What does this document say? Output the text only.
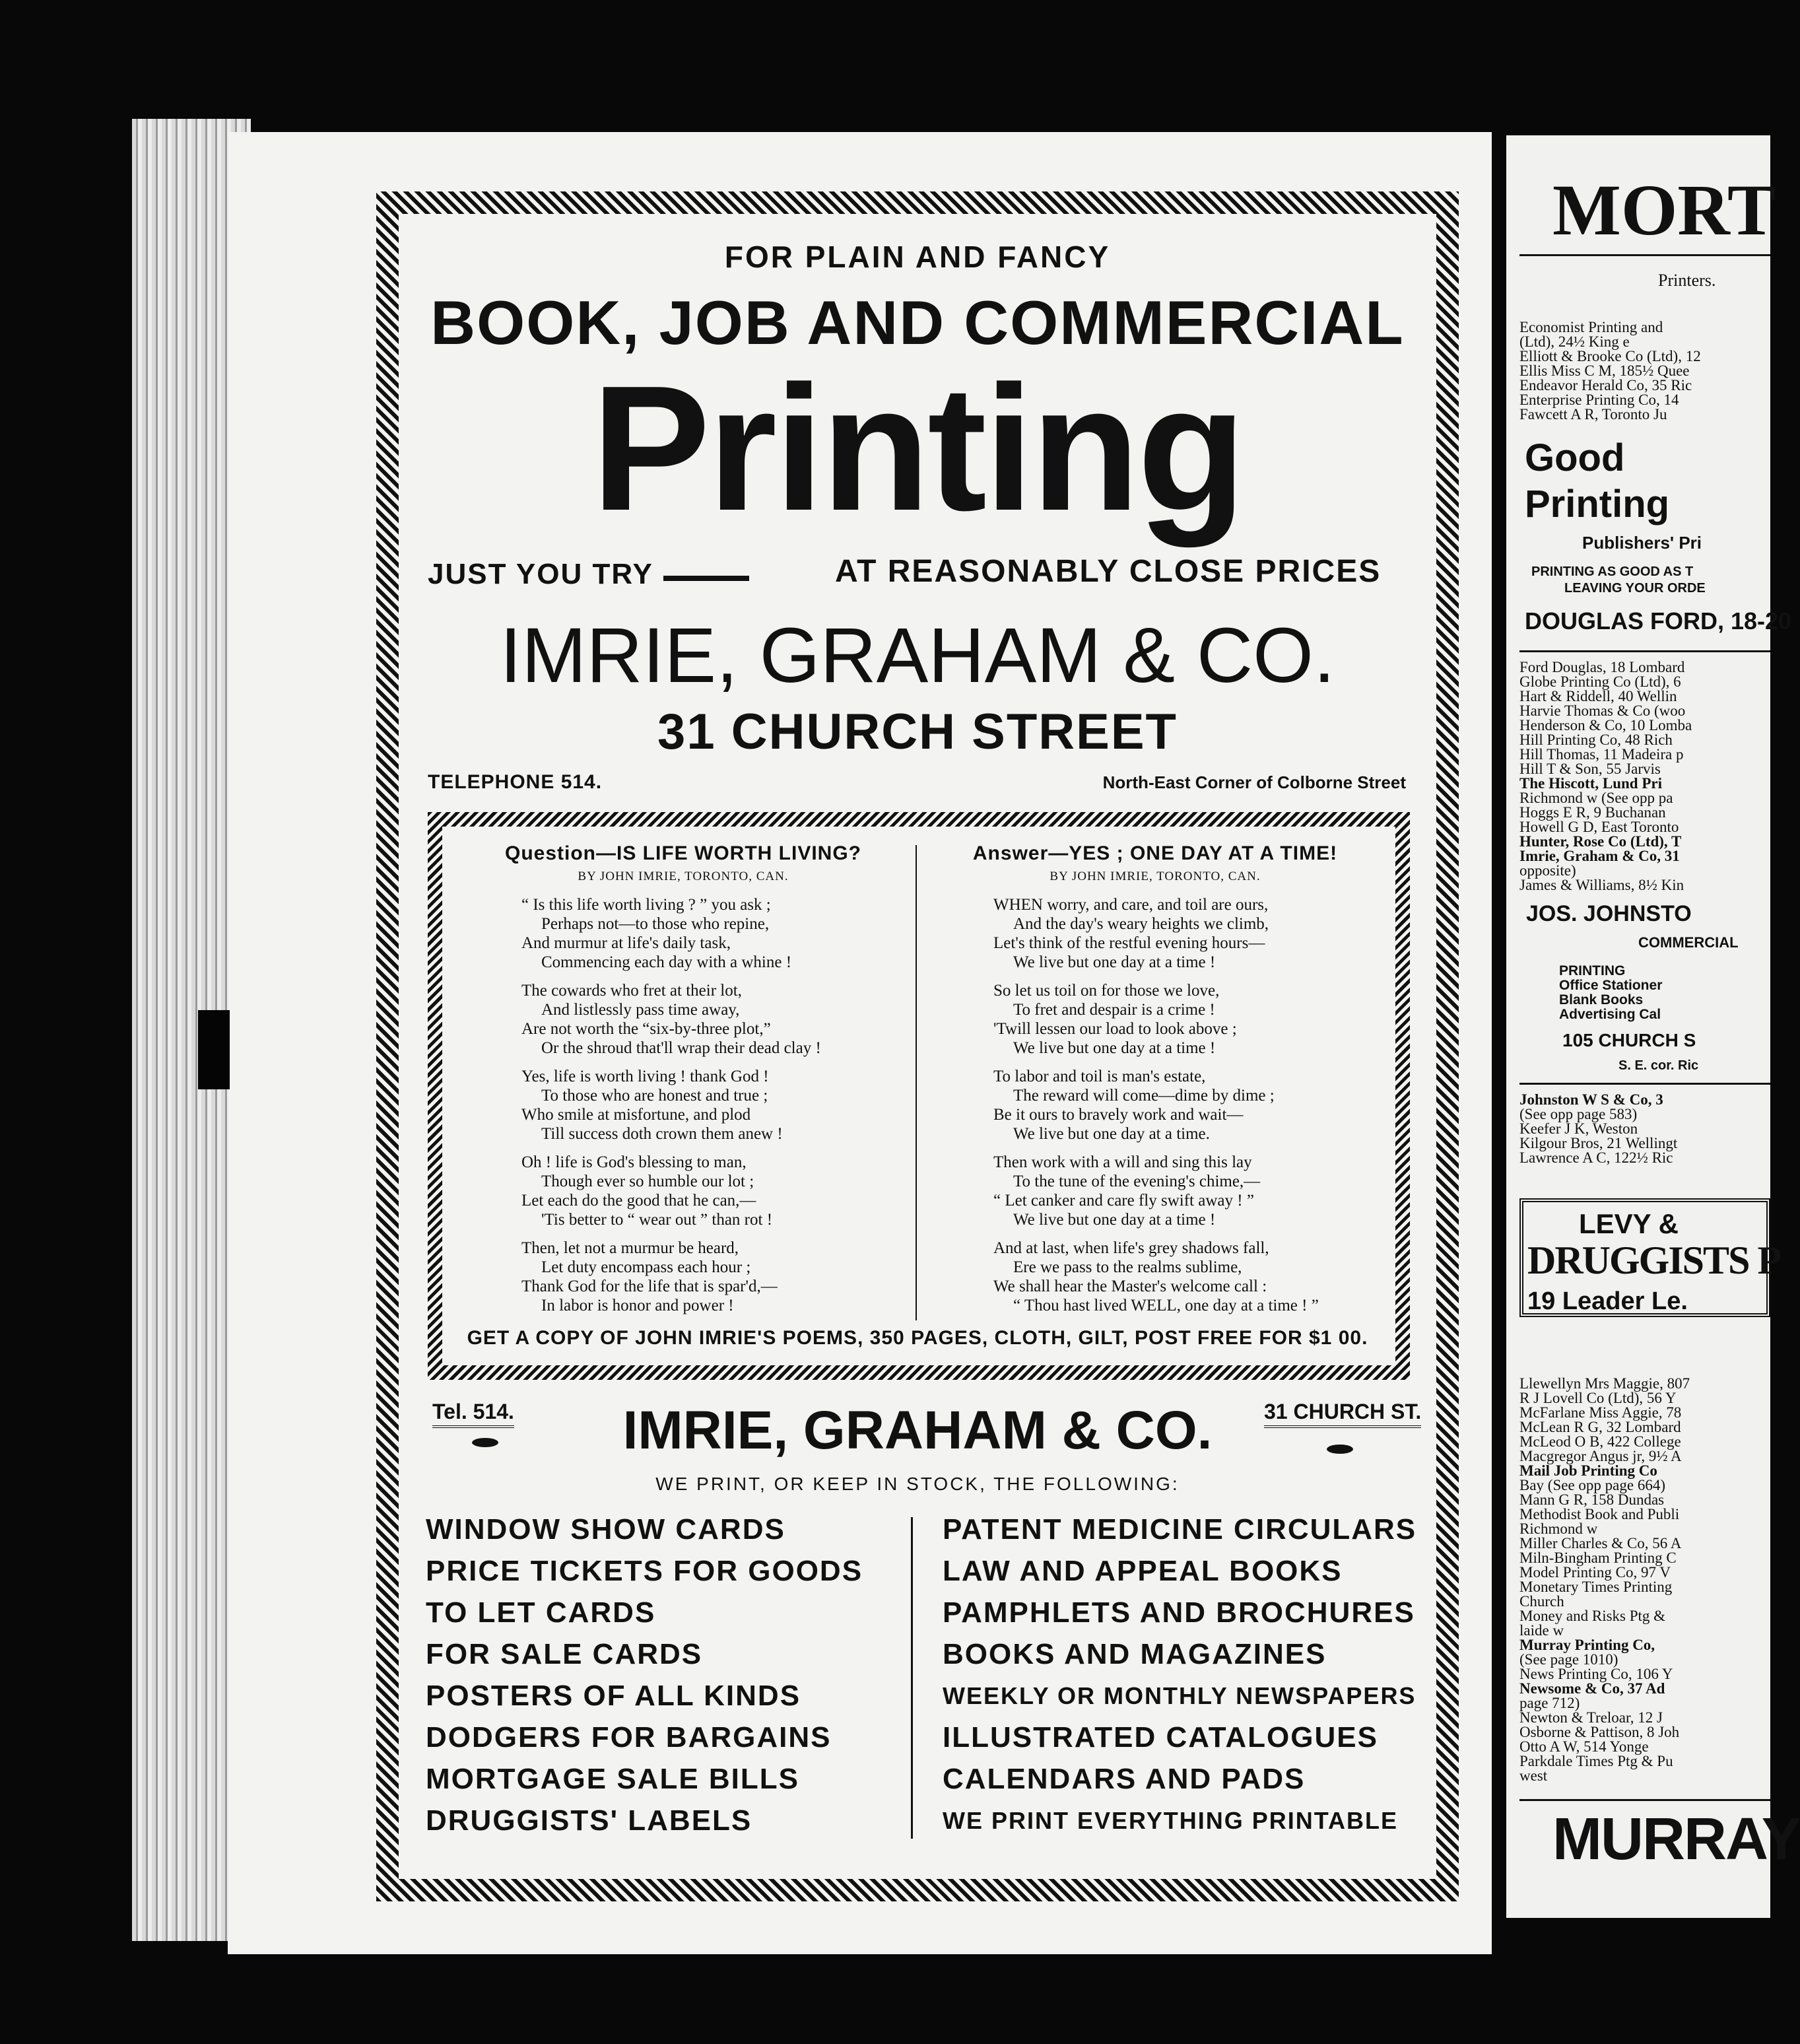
MORT
Printers.
Economist Printing and
(Ltd), 24½ King e
Elliott & Brooke Co (Ltd), 12
Ellis Miss C M, 185½ Quee
Endeavor Herald Co, 35 Ric
Enterprise Printing Co, 14
Fawcett A R, Toronto Ju
Good
Printing
Publishers' Pri
PRINTING AS GOOD AS T
LEAVING YOUR ORDE
DOUGLAS FORD, 18-20
Ford Douglas, 18 Lombard
Globe Printing Co (Ltd), 6
Hart & Riddell, 40 Wellin
Harvie Thomas & Co (woo
Henderson & Co, 10 Lomba
Hill Printing Co, 48 Rich
Hill Thomas, 11 Madeira p
Hill T & Son, 55 Jarvis
The Hiscott, Lund Pri
Richmond w (See opp pa
Hoggs E R, 9 Buchanan
Howell G D, East Toronto
Hunter, Rose Co (Ltd), T
Imrie, Graham & Co, 31
opposite)
James & Williams, 8½ Kin
JOS. JOHNSTO
COMMERCIAL
PRINTING
Office Stationer
Blank Books
Advertising Cal
105 CHURCH S
S. E. cor. Ric
Johnston W S & Co, 3
(See opp page 583)
Keefer J K, Weston
Kilgour Bros, 21 Wellingt
Lawrence A C, 122½ Ric
LEVY &
DRUGGISTS P
19 Leader Le.
Llewellyn Mrs Maggie, 807
R J Lovell Co (Ltd), 56 Y
McFarlane Miss Aggie, 78
McLean R G, 32 Lombard
McLeod O B, 422 College
Macgregor Angus jr, 9½ A
Mail Job Printing Co
Bay (See opp page 664)
Mann G R, 158 Dundas
Methodist Book and Publi
Richmond w
Miller Charles & Co, 56 A
Miln-Bingham Printing C
Model Printing Co, 97 V
Monetary Times Printing
Church
Money and Risks Ptg &
laide w
Murray Printing Co,
(See page 1010)
News Printing Co, 106 Y
Newsome & Co, 37 Ad
page 712)
Newton & Treloar, 12 J
Osborne & Pattison, 8 Joh
Otto A W, 514 Yonge
Parkdale Times Ptg & Pu
west
MURRAY
FOR PLAIN AND FANCY
BOOK, JOB AND COMMERCIAL
Printing
JUST YOU TRY	AT REASONABLY CLOSE PRICES
IMRIE, GRAHAM & CO.
31 CHURCH STREET
TELEPHONE 514.	North-East Corner of Colborne Street
Question—IS LIFE WORTH LIVING?
BY JOHN IMRIE, TORONTO, CAN.
“ Is this life worth living ? ” you ask ;
Perhaps not—to those who repine,
And murmur at life's daily task,
Commencing each day with a whine !
The cowards who fret at their lot,
And listlessly pass time away,
Are not worth the “six-by-three plot,”
Or the shroud that'll wrap their dead clay !
Yes, life is worth living ! thank God !
To those who are honest and true ;
Who smile at misfortune, and plod
Till success doth crown them anew !
Oh ! life is God's blessing to man,
Though ever so humble our lot ;
Let each do the good that he can,—
'Tis better to “ wear out ” than rot !
Then, let not a murmur be heard,
Let duty encompass each hour ;
Thank God for the life that is spar'd,—
In labor is honor and power !
Answer—YES ; ONE DAY AT A TIME!
BY JOHN IMRIE, TORONTO, CAN.
WHEN worry, and care, and toil are ours,
And the day's weary heights we climb,
Let's think of the restful evening hours—
We live but one day at a time !
So let us toil on for those we love,
To fret and despair is a crime !
'Twill lessen our load to look above ;
We live but one day at a time !
To labor and toil is man's estate,
The reward will come—dime by dime ;
Be it ours to bravely work and wait—
We live but one day at a time.
Then work with a will and sing this lay
To the tune of the evening's chime,—
“ Let canker and care fly swift away ! ”
We live but one day at a time !
And at last, when life's grey shadows fall,
Ere we pass to the realms sublime,
We shall hear the Master's welcome call :
“ Thou hast lived WELL, one day at a time ! ”
GET A COPY OF JOHN IMRIE'S POEMS, 350 PAGES, CLOTH, GILT, POST FREE FOR $1 00.
Tel. 514.	31 CHURCH ST.
IMRIE, GRAHAM & CO.
WE PRINT, OR KEEP IN STOCK, THE FOLLOWING:
WINDOW SHOW CARDS
PRICE TICKETS FOR GOODS
TO LET CARDS
FOR SALE CARDS
POSTERS OF ALL KINDS
DODGERS FOR BARGAINS
MORTGAGE SALE BILLS
DRUGGISTS' LABELS
PATENT MEDICINE CIRCULARS
LAW AND APPEAL BOOKS
PAMPHLETS AND BROCHURES
BOOKS AND MAGAZINES
WEEKLY OR MONTHLY NEWSPAPERS
ILLUSTRATED CATALOGUES
CALENDARS AND PADS
WE PRINT EVERYTHING PRINTABLE
